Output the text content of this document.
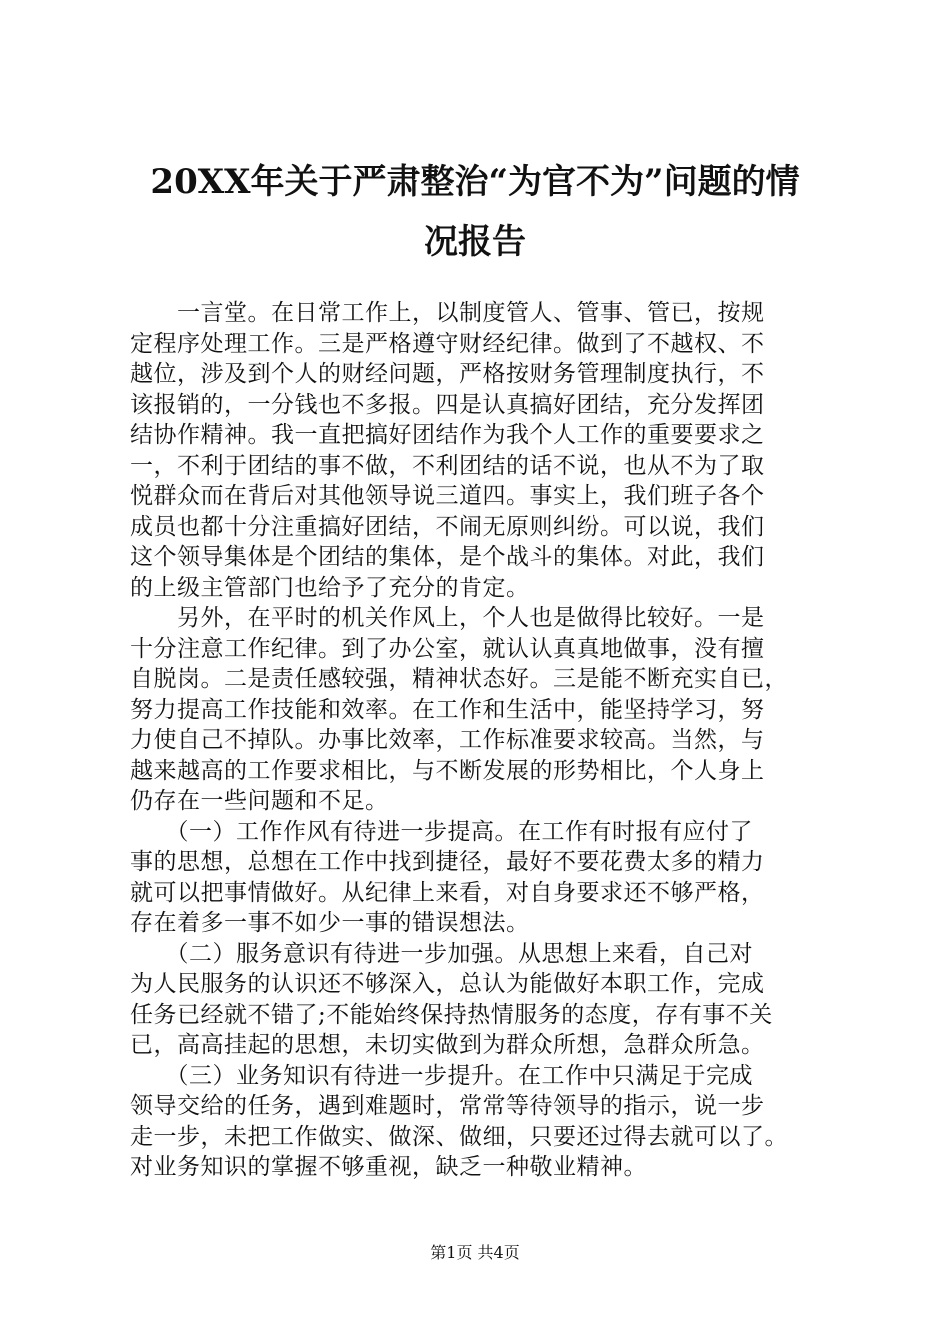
20XX年关于严肃整治“为官不为”问题的情
况报告
　　一言堂。在日常工作上，以制度管人、管事、管已，按规
定程序处理工作。三是严格遵守财经纪律。做到了不越权、不
越位，涉及到个人的财经问题，严格按财务管理制度执行，不
该报销的，一分钱也不多报。四是认真搞好团结，充分发挥团
结协作精神。我一直把搞好团结作为我个人工作的重要要求之
一，不利于团结的事不做，不利团结的话不说，也从不为了取
悦群众而在背后对其他领导说三道四。事实上，我们班子各个
成员也都十分注重搞好团结，不闹无原则纠纷。可以说，我们
这个领导集体是个团结的集体，是个战斗的集体。对此，我们
的上级主管部门也给予了充分的肯定。
　　另外，在平时的机关作风上，个人也是做得比较好。一是
十分注意工作纪律。到了办公室，就认认真真地做事，没有擅
自脱岗。二是责任感较强，精神状态好。三是能不断充实自已，
努力提高工作技能和效率。在工作和生活中，能坚持学习，努
力使自己不掉队。办事比效率，工作标准要求较高。当然，与
越来越高的工作要求相比，与不断发展的形势相比，个人身上
仍存在一些问题和不足。
　　（一）工作作风有待进一步提高。在工作有时报有应付了
事的思想，总想在工作中找到捷径，最好不要花费太多的精力
就可以把事情做好。从纪律上来看，对自身要求还不够严格，
存在着多一事不如少一事的错误想法。
　　（二）服务意识有待进一步加强。从思想上来看，自己对
为人民服务的认识还不够深入，总认为能做好本职工作，完成
任务已经就不错了;不能始终保持热情服务的态度，存有事不关
已，高高挂起的思想，未切实做到为群众所想，急群众所急。
　　（三）业务知识有待进一步提升。在工作中只满足于完成
领导交给的任务，遇到难题时，常常等待领导的指示，说一步
走一步，未把工作做实、做深、做细，只要还过得去就可以了。
对业务知识的掌握不够重视，缺乏一种敬业精神。
第1页 共4页
